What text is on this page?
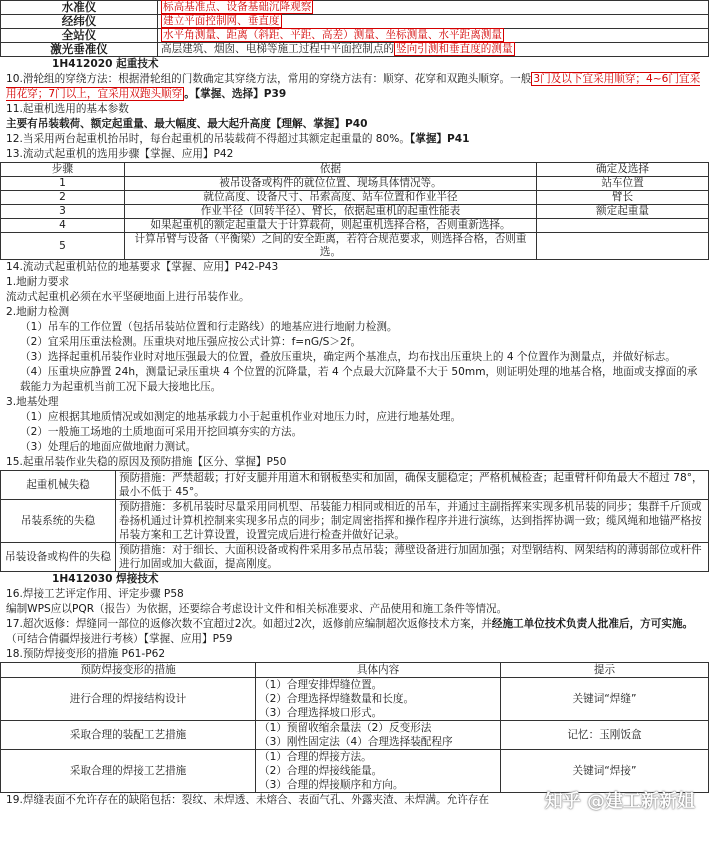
水准仪	标高基准点、设备基础沉降观察
经纬仪	建立平面控制网、垂直度
全站仪	水平角测量、距离（斜距、平距、高差）测量、坐标测量、水平距离测量
激光垂准仪	高层建筑、烟囱、电梯等施工过程中平面控制点的 竖向引测和垂直度的测量
1H412020 起重技术
10.滑轮组的穿绕方法：根据滑轮组的门数确定其穿绕方法，常用的穿绕方法有：顺穿、花穿和双跑头顺穿。一般 3门及以下宜采用顺穿；4~6门宜采用花穿；7门以上，宜采用双跑头顺穿 。【掌握、选择】P39
11.起重机选用的基本参数
主要有吊装载荷、额定起重量、最大幅度、最大起升高度【理解、掌握】P40
12.当采用两台起重机抬吊时，每台起重机的吊装载荷不得超过其额定起重量的 80%。【掌握】P41
13.流动式起重机的选用步骤【掌握、应用】P42
步骤	依据	确定及选择
1	被吊设备或构件的就位位置、现场具体情况等。	站车位置
2	就位高度、设备尺寸、吊索高度、站车位置和作业半径	臂长
3	作业半径（回转半径）、臂长，依据起重机的起重性能表	额定起重量
4	如果起重机的额定起重量大于计算载荷，则起重机选择合格，否则重新选择。	
5	计算吊臂与设备（平衡梁）之间的安全距离，若符合规范要求，则选择合格，否则重选。	
14.流动式起重机站位的地基要求【掌握、应用】P42-P43
1.地耐力要求
流动式起重机必须在水平坚硬地面上进行吊装作业。
2.地耐力检测
（1）吊车的工作位置（包括吊装站位置和行走路线）的地基应进行地耐力检测。
（2）宜采用压重法检测。压重块对地压强应按公式计算：f=nG/S＞2f。
（3）选择起重机吊装作业时对地压强最大的位置，叠放压重块，确定两个基准点，均布找出压重块上的 4 个位置作为测量点，并做好标志。
（4）压重块应静置 24h，测量记录压重块 4 个位置的沉降量，若 4 个点最大沉降量不大于 50mm，则证明处理的地基合格，地面或支撑面的承载能力为起重机当前工况下最大接地比压。
3.地基处理
（1）应根据其地质情况或如测定的地基承载力小于起重机作业对地压力时，应进行地基处理。
（2）一般施工场地的土质地面可采用开挖回填夯实的方法。
（3）处理后的地面应做地耐力测试。
15.起重吊装作业失稳的原因及预防措施【区分、掌握】P50
起重机械失稳	预防措施：严禁超载；打好支腿并用道木和钢板垫实和加固，确保支腿稳定；严格机械检查；起重臂杆仰角最大不超过 78°，最小不低于 45°。
吊装系统的失稳	预防措施：多机吊装时尽量采用同机型、吊装能力相同或相近的吊车，并通过主副指挥来实现多机吊装的同步；集群千斤顶或卷扬机通过计算机控制来实现多吊点的同步；制定周密指挥和操作程序并进行演练，达到指挥协调一致；缆风绳和地锚严格按吊装方案和工艺计算设置，设置完成后进行检查并做好记录。
吊装设备或构件的失稳	预防措施：对于细长、大面积设备或构件采用多吊点吊装；薄壁设备进行加固加强；对型钢结构、网架结构的薄弱部位或杆件进行加固或加大截面，提高刚度。
1H412030 焊接技术
16.焊接工艺评定作用、评定步骤 P58
编制WPS应以PQR（报告）为依据，还要综合考虑设计文件和相关标准要求、产品使用和施工条件等情况。
17.超次返修：焊缝同一部位的返修次数不宜超过2次。如超过2次，返修前应编制超次返修技术方案，并经施工单位技术负责人批准后，方可实施。（可结合倩疆焊接进行考核）【掌握、应用】P59
18.预防焊接变形的措施 P61-P62
预防焊接变形的措施	具体内容	提示
进行合理的焊接结构设计	（1）合理安排焊缝位置。
（2）合理选择焊缝数量和长度。
（3）合理选择坡口形式。	关键词“焊缝”
采取合理的装配工艺措施	（1）预留收缩余量法（2）反变形法
（3）刚性固定法（4）合理选择装配程序	记忆：玉刚饭盒
采取合理的焊接工艺措施	（1）合理的焊接方法。
（2）合理的焊接线能量。
（3）合理的焊接顺序和方向。	关键词“焊接”
19.焊缝表面不允许存在的缺陷包括：裂纹、未焊透、未熔合、表面气孔、外露夹渣、未焊满。允许存在	知乎 @建工新新姐
